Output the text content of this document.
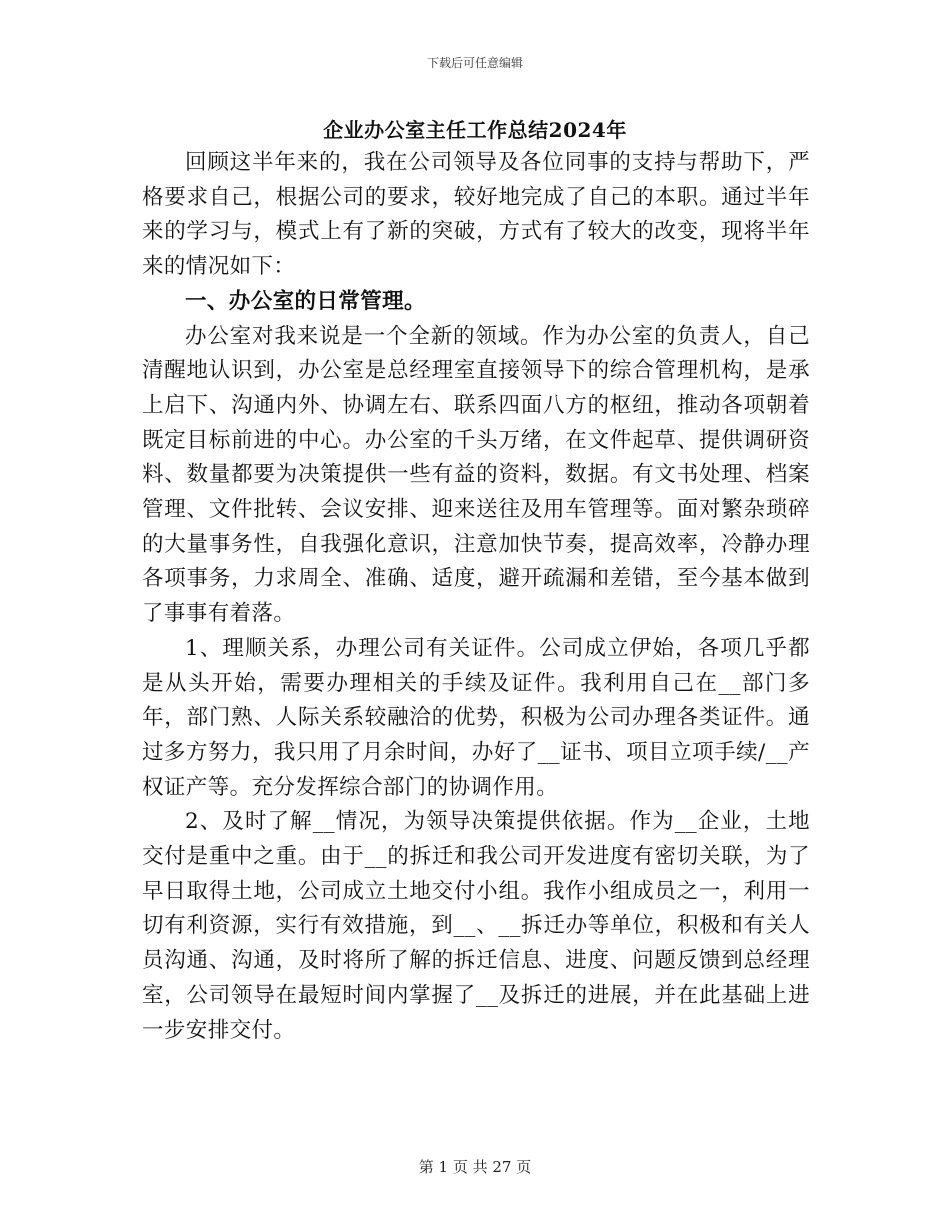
下载后可任意编辑
企业办公室主任工作总结2024年

回顾这半年来的，我在公司领导及各位同事的支持与帮助下，严格要求自己，根据公司的要求，较好地完成了自己的本职。通过半年来的学习与，模式上有了新的突破，方式有了较大的改变，现将半年来的情况如下：

一、办公室的日常管理。

办公室对我来说是一个全新的领域。作为办公室的负责人，自己清醒地认识到，办公室是总经理室直接领导下的综合管理机构，是承上启下、沟通内外、协调左右、联系四面八方的枢纽，推动各项朝着既定目标前进的中心。办公室的千头万绪，在文件起草、提供调研资料、数量都要为决策提供一些有益的资料，数据。有文书处理、档案管理、文件批转、会议安排、迎来送往及用车管理等。面对繁杂琐碎的大量事务性，自我强化意识，注意加快节奏，提高效率，冷静办理各项事务，力求周全、准确、适度，避开疏漏和差错，至今基本做到了事事有着落。

1、理顺关系，办理公司有关证件。公司成立伊始，各项几乎都是从头开始，需要办理相关的手续及证件。我利用自己在__部门多年，部门熟、人际关系较融洽的优势，积极为公司办理各类证件。通过多方努力，我只用了月余时间，办好了__证书、项目立项手续/__产权证产等。充分发挥综合部门的协调作用。

2、及时了解__情况，为领导决策提供依据。作为__企业，土地交付是重中之重。由于__的拆迁和我公司开发进度有密切关联，为了早日取得土地，公司成立土地交付小组。我作小组成员之一，利用一切有利资源，实行有效措施，到__、__拆迁办等单位，积极和有关人员沟通、沟通，及时将所了解的拆迁信息、进度、问题反馈到总经理室，公司领导在最短时间内掌握了__及拆迁的进展，并在此基础上进一步安排交付。

第 1 页 共 27 页
